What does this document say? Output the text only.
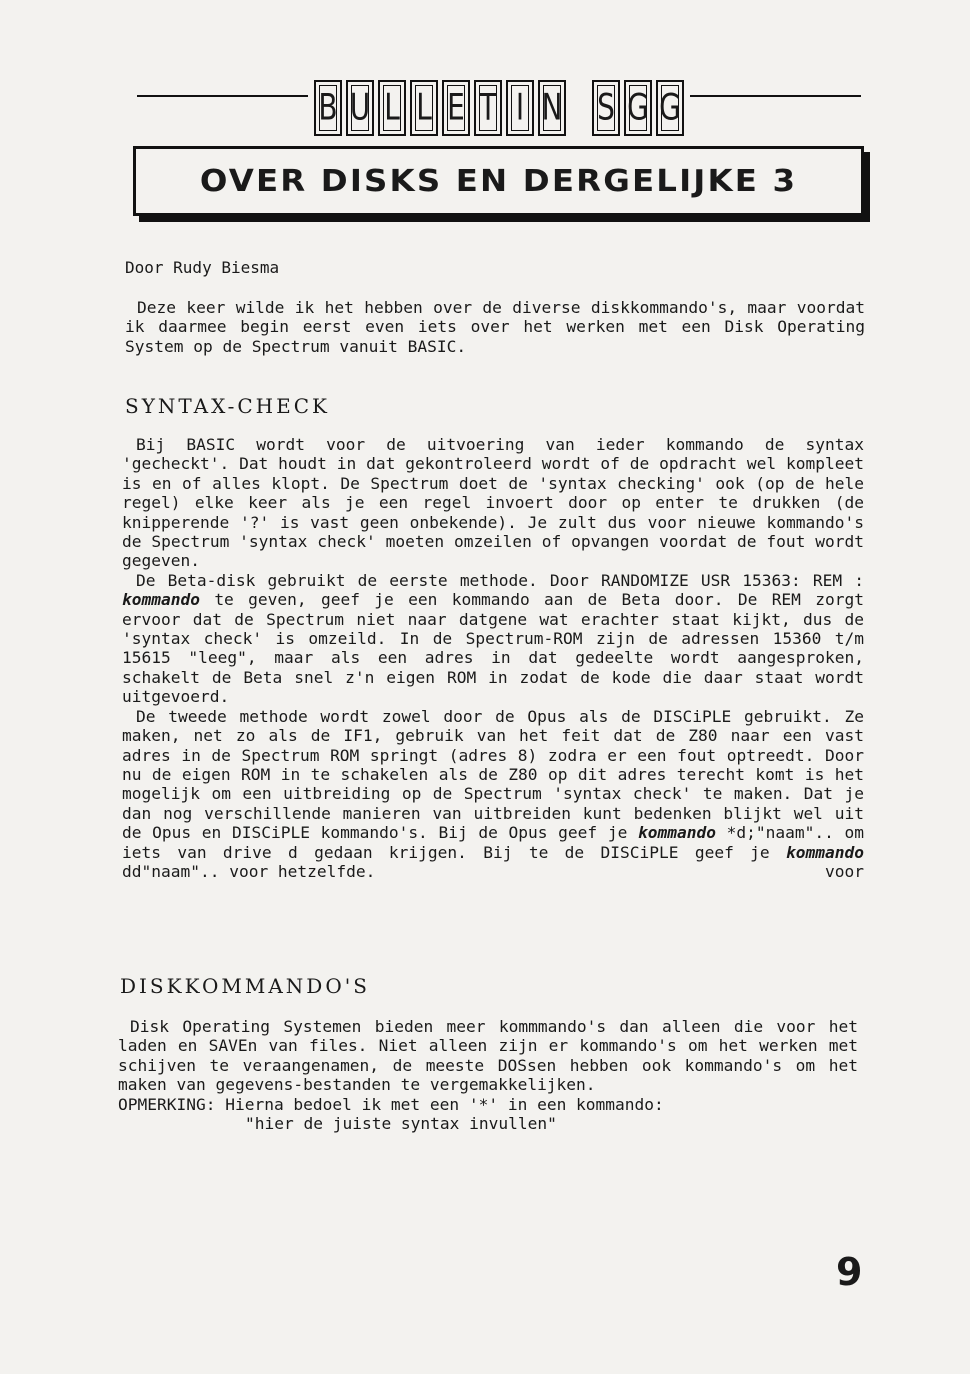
B U L L E T I N S G G
OVER DISKS EN DERGELIJKE 3
Door Rudy Biesma

Deze keer wilde ik het hebben over de diverse diskkommando's, maar voordat ik daarmee begin eerst even iets over het werken met een Disk Operating System op de Spectrum vanuit BASIC.

SYNTAX-CHECK

Bij BASIC wordt voor de uitvoering van ieder kommando de syntax 'gecheckt'. Dat houdt in dat gekontroleerd wordt of de opdracht wel kompleet is en of alles klopt. De Spectrum doet de 'syntax checking' ook (op de hele regel) elke keer als je een regel invoert door op enter te drukken (de knipperende '?' is vast geen onbekende). Je zult dus voor nieuwe kommando's de Spectrum 'syntax check' moeten omzeilen of opvangen voordat de fout wordt gegeven.

De Beta-disk gebruikt de eerste methode. Door RANDOMIZE USR 15363: REM : kommando te geven, geef je een kommando aan de Beta door. De REM zorgt ervoor dat de Spectrum niet naar datgene wat erachter staat kijkt, dus de 'syntax check' is omzeild. In de Spectrum-ROM zijn de adressen 15360 t/m 15615 "leeg", maar als een adres in dat gedeelte wordt aangesproken, schakelt de Beta snel z'n eigen ROM in zodat de kode die daar staat wordt uitgevoerd.

De tweede methode wordt zowel door de Opus als de DISCiPLE gebruikt. Ze maken, net zo als de IF1, gebruik van het feit dat de Z80 naar een vast adres in de Spectrum ROM springt (adres 8) zodra er een fout optreedt. Door nu de eigen ROM in te schakelen als de Z80 op dit adres terecht komt is het mogelijk om een uitbreiding op de Spectrum 'syntax check' te maken. Dat je dan nog verschillende manieren van uitbreiden kunt bedenken blijkt wel uit de Opus en DISCiPLE kommando's. Bij de Opus geef je kommando *d;"naam".. om iets van drive d gedaan krijgen. Bij te de DISCiPLE geef je kommando dd"naam".. voor hetzelfde.	voor

DISKKOMMANDO'S

Disk Operating Systemen bieden meer kommmando's dan alleen die voor het laden en SAVEn van files. Niet alleen zijn er kommando's om het werken met schijven te veraangenamen, de meeste DOSsen hebben ook kommando's om het maken van gegevens-bestanden te vergemakkelijken.

OPMERKING: Hierna bedoel ik met een '*' in een kommando:

"hier de juiste syntax invullen"

9
